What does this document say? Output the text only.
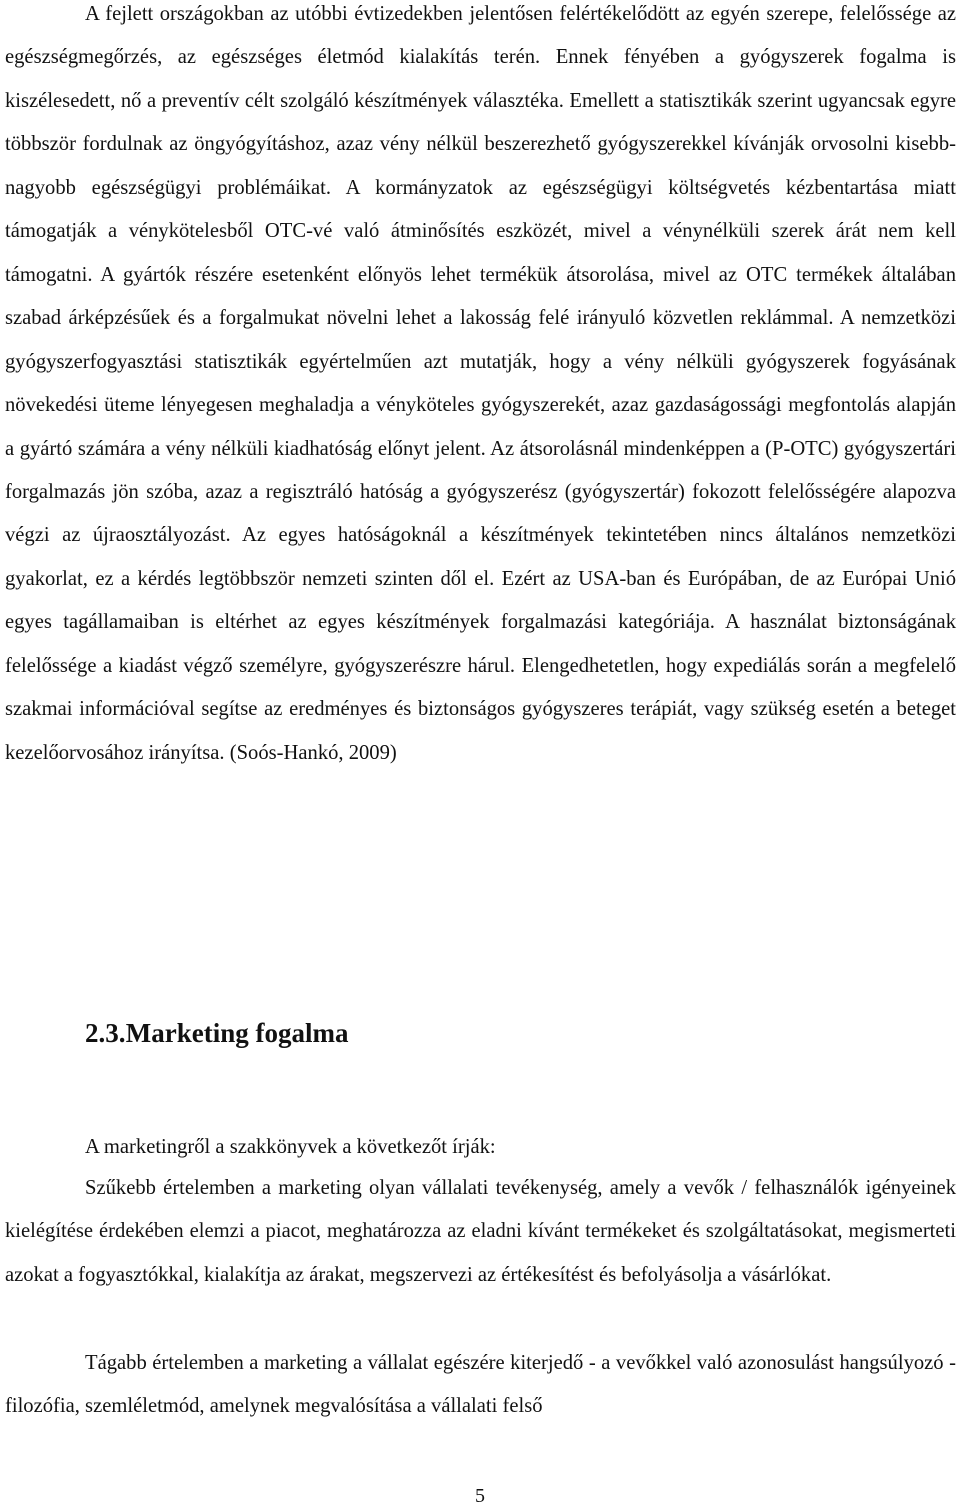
A fejlett országokban az utóbbi évtizedekben jelentősen felértékelődött az egyén szerepe, felelőssége az egészségmegőrzés, az egészséges életmód kialakítás terén. Ennek fényében a gyógyszerek fogalma is kiszélesedett, nő a preventív célt szolgáló készítmények választéka. Emellett a statisztikák szerint ugyancsak egyre többször fordulnak az öngyógyításhoz, azaz vény nélkül beszerezhető gyógyszerekkel kívánják orvosolni kisebb-nagyobb egészségügyi problémáikat. A kormányzatok az egészségügyi költségvetés kézbentartása miatt támogatják a vénykötelesből OTC-vé való átminősítés eszközét, mivel a vénynélküli szerek árát nem kell támogatni. A gyártók részére esetenként előnyös lehet termékük átsorolása, mivel az OTC termékek általában szabad árképzésűek és a forgalmukat növelni lehet a lakosság felé irányuló közvetlen reklámmal. A nemzetközi gyógyszerfogyasztási statisztikák egyértelműen azt mutatják, hogy a vény nélküli gyógyszerek fogyásának növekedési üteme lényegesen meghaladja a vényköteles gyógyszerekét, azaz gazdaságossági megfontolás alapján a gyártó számára a vény nélküli kiadhatóság előnyt jelent. Az átsorolásnál mindenképpen a (P-OTC) gyógyszertári forgalmazás jön szóba, azaz a regisztráló hatóság a gyógyszerész (gyógyszertár) fokozott felelősségére alapozva végzi az újraosztályozást. Az egyes hatóságoknál a készítmények tekintetében nincs általános nemzetközi gyakorlat, ez a kérdés legtöbbször nemzeti szinten dől el. Ezért az USA-ban és Európában, de az Európai Unió egyes tagállamaiban is eltérhet az egyes készítmények forgalmazási kategóriája. A használat biztonságának felelőssége a kiadást végző személyre, gyógyszerészre hárul. Elengedhetetlen, hogy expediálás során a megfelelő szakmai információval segítse az eredményes és biztonságos gyógyszeres terápiát, vagy szükség esetén a beteget kezelőorvosához irányítsa. (Soós-Hankó, 2009)

2.3. Marketing fogalma

A marketingről a szakkönyvek a következőt írják:

Szűkebb értelemben a marketing olyan vállalati tevékenység, amely a vevők / felhasználók igényeinek kielégítése érdekében elemzi a piacot, meghatározza az eladni kívánt termékeket és szolgáltatásokat, megismerteti azokat a fogyasztókkal, kialakítja az árakat, megszervezi az értékesítést és befolyásolja a vásárlókat.

Tágabb értelemben a marketing a vállalat egészére kiterjedő - a vevőkkel való azonosulást hangsúlyozó - filozófia, szemléletmód, amelynek megvalósítása a vállalati felső

5
